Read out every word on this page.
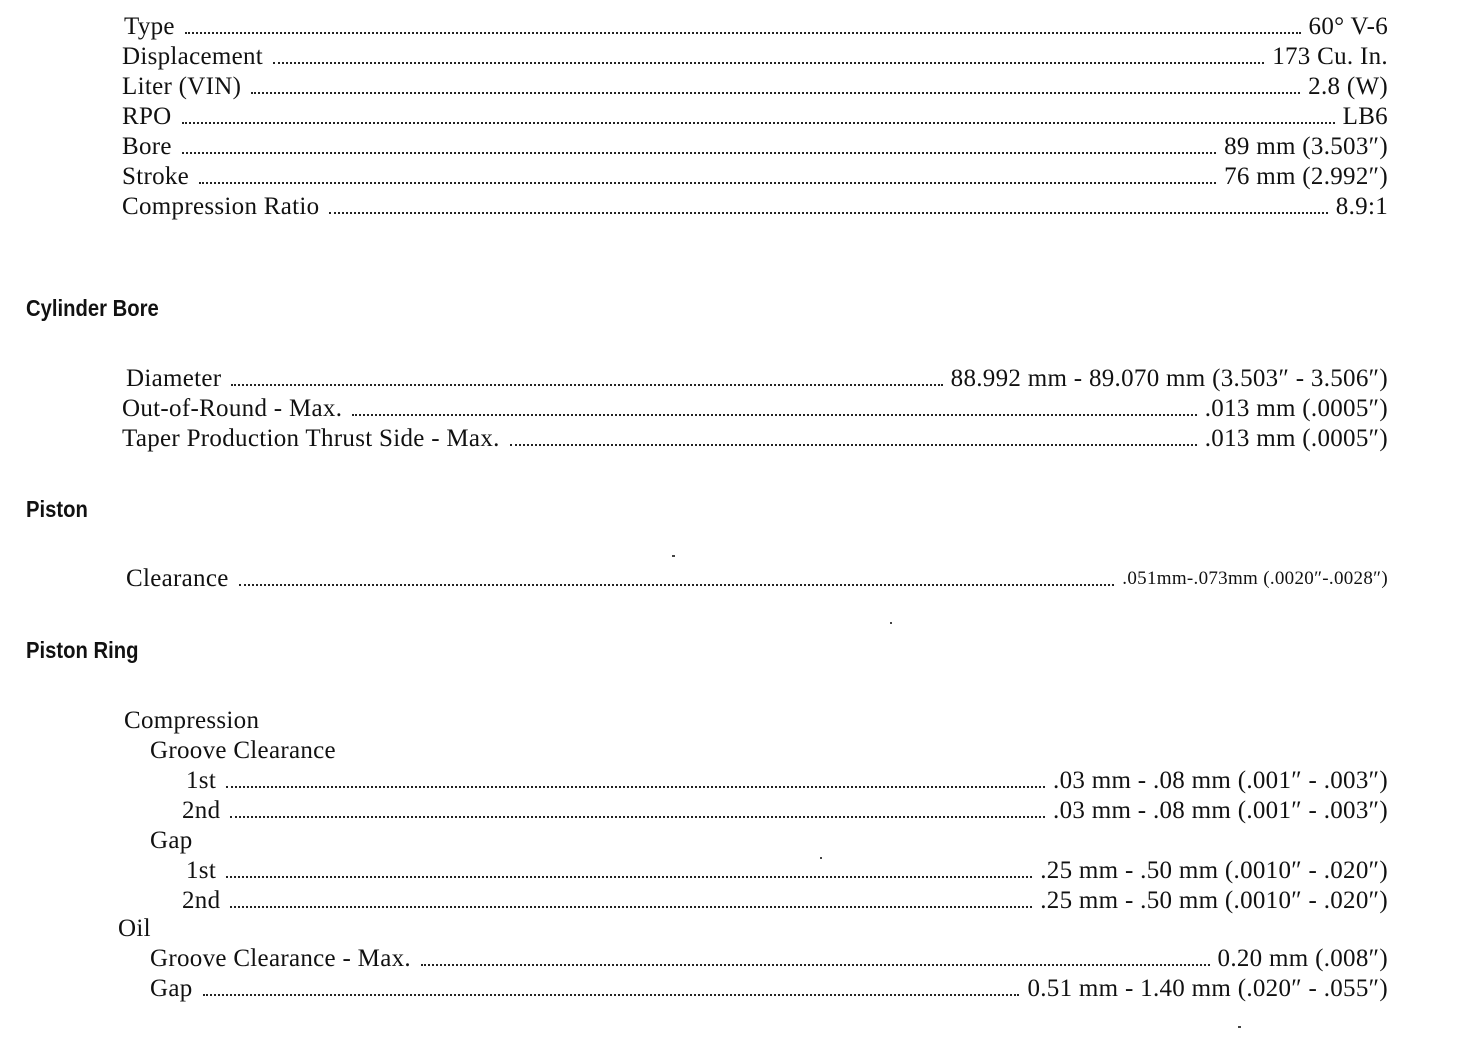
Type	60° V-6
Displacement	173 Cu. In.
Liter (VIN)	2.8 (W)
RPO	LB6
Bore	89 mm (3.503″)
Stroke	76 mm (2.992″)
Compression Ratio	8.9:1
Cylinder Bore
Diameter	88.992 mm - 89.070 mm (3.503″ - 3.506″)
Out-of-Round - Max.	.013 mm (.0005″)
Taper Production Thrust Side - Max.	.013 mm (.0005″)
Piston
Clearance	.051mm-.073mm (.0020″-.0028″)
Piston Ring
Compression
Groove Clearance
1st	.03 mm - .08 mm (.001″ - .003″)
2nd	.03 mm - .08 mm (.001″ - .003″)
Gap
1st	.25 mm - .50 mm (.0010″ - .020″)
2nd	.25 mm - .50 mm (.0010″ - .020″)
Oil
Groove Clearance - Max.	0.20 mm (.008″)
Gap	0.51 mm - 1.40 mm (.020″ - .055″)
